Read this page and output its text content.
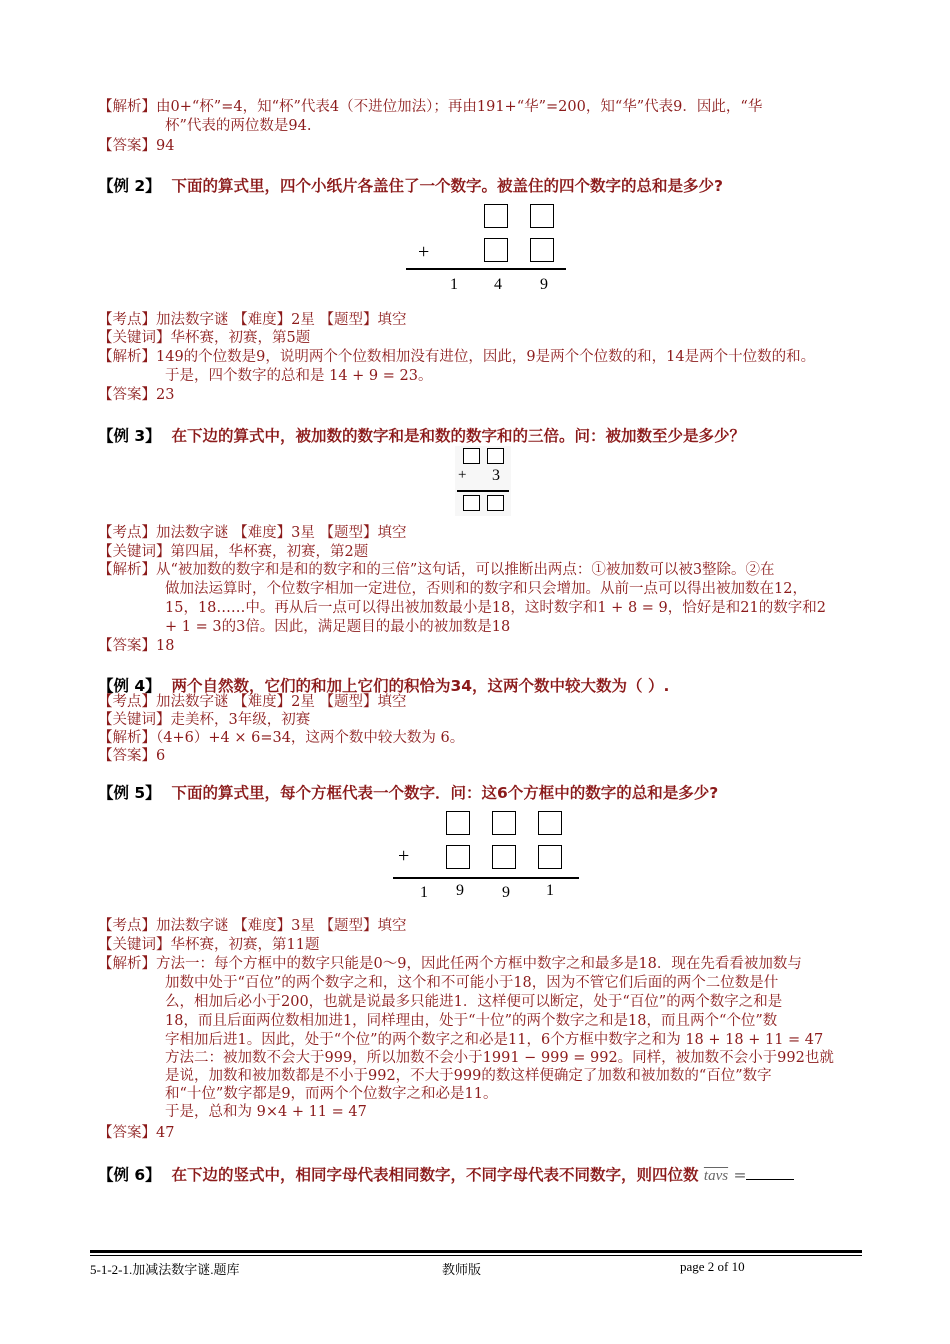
【解析】由0+“杯”=4，知“杯”代表4（不进位加法）；再由191+“华”=200，知“华”代表9．因此，“华
杯”代表的两位数是94.
【答案】94
【例 2】 下面的算式里，四个小纸片各盖住了一个数字。被盖住的四个数字的总和是多少?
+
1 4 9
【考点】加法数字谜 【难度】2星 【题型】填空
【关键词】华杯赛，初赛，第5题
【解析】149的个位数是9，说明两个个位数相加没有进位，因此，9是两个个位数的和，14是两个十位数的和。
于是，四个数字的总和是 14 + 9 = 23。
【答案】23
【例 3】 在下边的算式中，被加数的数字和是和数的数字和的三倍。问：被加数至少是多少？
+ 3
【考点】加法数字谜 【难度】3星 【题型】填空
【关键词】第四届，华杯赛，初赛，第2题
【解析】从“被加数的数字和是和的数字和的三倍”这句话，可以推断出两点：①被加数可以被3整除。②在
做加法运算时，个位数字相加一定进位，否则和的数字和只会增加。从前一点可以得出被加数在12，
15，18……中。再从后一点可以得出被加数最小是18，这时数字和1 + 8 = 9，恰好是和21的数字和2
+ 1 = 3的3倍。因此，满足题目的最小的被加数是18
【答案】18
【例 4】 两个自然数，它们的和加上它们的积恰为34，这两个数中较大数为（ ）.
【考点】加法数字谜 【难度】2星 【题型】填空
【关键词】走美杯，3年级，初赛
【解析】（4+6）+4 × 6=34，这两个数中较大数为 6。
【答案】6
【例 5】 下面的算式里，每个方框代表一个数字．问：这6个方框中的数字的总和是多少?
+
1 9 9 1
【考点】加法数字谜 【难度】3星 【题型】填空
【关键词】华杯赛，初赛，第11题
【解析】方法一：每个方框中的数字只能是0～9，因此任两个方框中数字之和最多是18．现在先看看被加数与
加数中处于“百位”的两个数字之和，这个和不可能小于18，因为不管它们后面的两个二位数是什
么，相加后必小于200，也就是说最多只能进1．这样便可以断定，处于“百位”的两个数字之和是
18，而且后面两位数相加进1，同样理由，处于“十位”的两个数字之和是18，而且两个“个位”数
字相加后进1。因此，处于“个位”的两个数字之和必是11，6个方框中数字之和为 18 + 18 + 11 = 47
方法二：被加数不会大于999，所以加数不会小于1991 − 999 = 992。同样，被加数不会小于992也就
是说，加数和被加数都是不小于992，不大于999的数这样便确定了加数和被加数的“百位”数字
和“十位”数字都是9，而两个个位数字之和必是11。
于是，总和为 9×4 + 11 = 47
【答案】47
【例 6】 在下边的竖式中，相同字母代表相同数字，不同字母代表不同数字，则四位数 tavs =
5-1-2-1.加减法数字谜.题库	教师版	page 2 of 10
